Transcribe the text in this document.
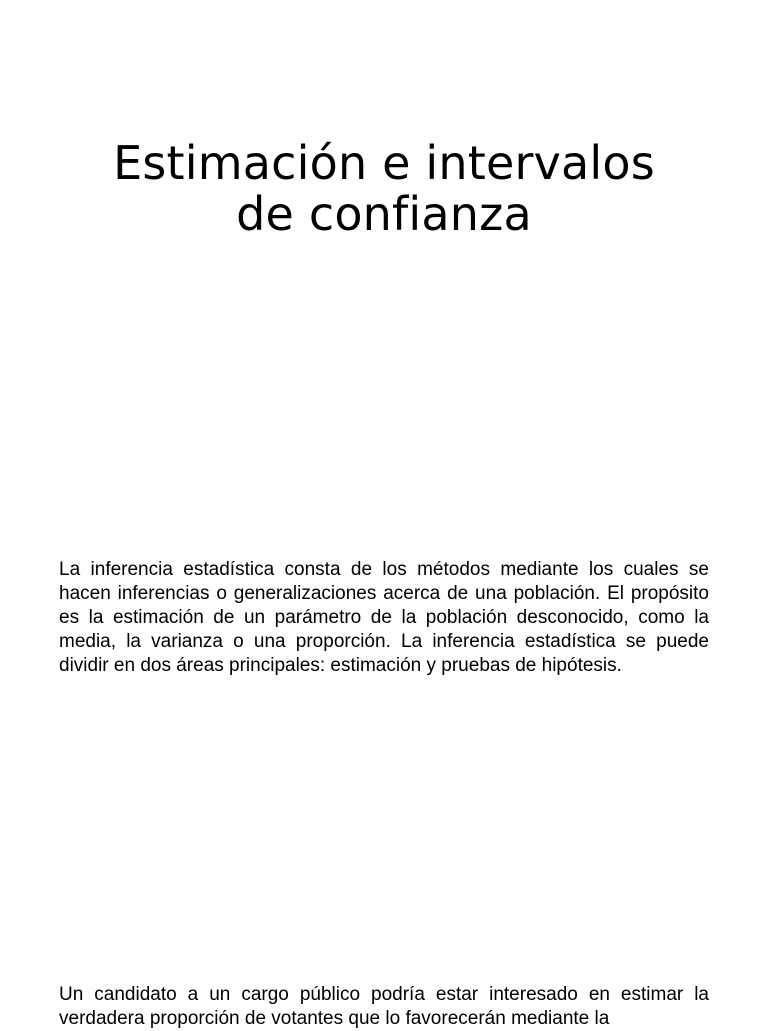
Estimación e intervalos
de confianza

La inferencia estadística consta de los métodos mediante los cuales se hacen inferencias o generalizaciones acerca de una población. El propósito es la estimación de un parámetro de la población desconocido, como la media, la varianza o una proporción. La inferencia estadística se puede dividir en dos áreas principales: estimación y pruebas de hipótesis.

Un candidato a un cargo público podría estar interesado en estimar la verdadera proporción de votantes que lo favorecerán mediante la
